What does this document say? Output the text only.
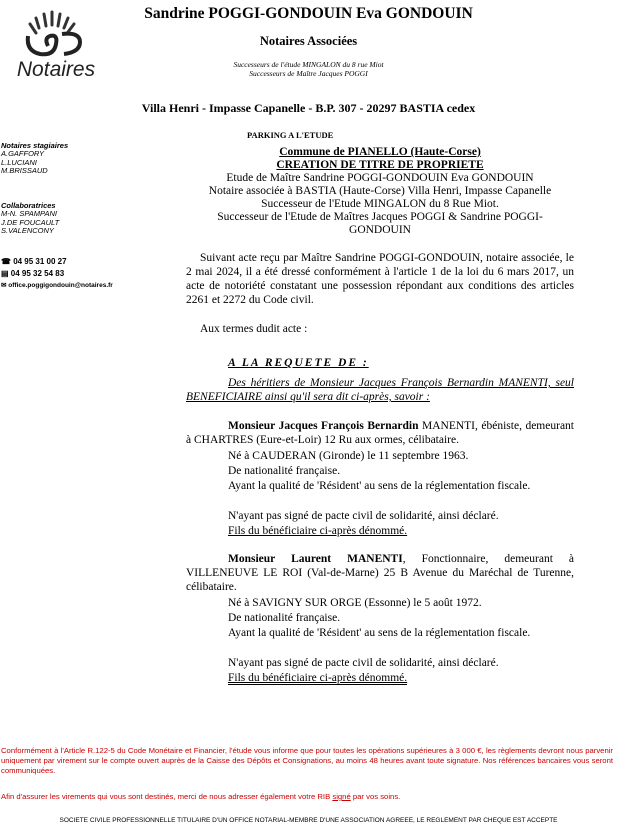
Notaires
Sandrine POGGI-GONDOUIN Eva GONDOUIN
Notaires Associées
Successeurs de l'étude MINGALON du 8 rue Miot
Successeurs de Maître Jacques POGGI
Villa Henri - Impasse Capanelle - B.P. 307 - 20297 BASTIA cedex
Notaires stagiaires
A.GAFFORY
L.LUCIANI
M.BRISSAUD
Collaboratrices
M-N. SPAMPANI
J.DE FOUCAULT
S.VALENCONY
☎ 04 95 31 00 27
▤ 04 95 32 54 83
✉ office.poggigondouin@notaires.fr
PARKING A L'ETUDE
Commune de PIANELLO (Haute-Corse)
CREATION DE TITRE DE PROPRIETE
Etude de Maître Sandrine POGGI-GONDOUIN Eva GONDOUIN
Notaire associée à BASTIA (Haute-Corse) Villa Henri, Impasse Capanelle
Successeur de l'Etude MINGALON du 8 Rue Miot.
Successeur de l'Etude de Maîtres Jacques POGGI & Sandrine POGGI-
GONDOUIN
Suivant acte reçu par Maître Sandrine POGGI-GONDOUIN, notaire associée, le 2 mai 2024, il a été dressé conformément à l'article 1 de la loi du 6 mars 2017, un acte de notoriété constatant une possession répondant aux conditions des articles 2261 et 2272 du Code civil.
Aux termes dudit acte :
A LA REQUETE DE :
Des héritiers de Monsieur Jacques François Bernardin MANENTI, seul BENEFICIAIRE ainsi qu'il sera dit ci-après, savoir :
Monsieur Jacques François Bernardin MANENTI, ébéniste, demeurant à CHARTRES (Eure-et-Loir) 12 Ru aux ormes, célibataire.
Né à CAUDERAN (Gironde) le 11 septembre 1963.
De nationalité française.
Ayant la qualité de 'Résident' au sens de la réglementation fiscale.
N'ayant pas signé de pacte civil de solidarité, ainsi déclaré.
Fils du bénéficiaire ci-après dénommé.
Monsieur Laurent MANENTI, Fonctionnaire, demeurant à VILLENEUVE LE ROI (Val-de-Marne) 25 B Avenue du Maréchal de Turenne, célibataire.
Né à SAVIGNY SUR ORGE (Essonne) le 5 août 1972.
De nationalité française.
Ayant la qualité de 'Résident' au sens de la réglementation fiscale.
N'ayant pas signé de pacte civil de solidarité, ainsi déclaré.
Fils du bénéficiaire ci-après dénommé.
Conformément à l'Article R.122-5 du Code Monétaire et Financier, l'étude vous informe que pour toutes les opérations supérieures à 3 000 €, les règlements devront nous parvenir uniquement par virement sur le compte ouvert auprès de la Caisse des Dépôts et Consignations, au moins 48 heures avant toute signature. Nos références bancaires vous seront communiquées.
Afin d'assurer les virements qui vous sont destinés, merci de nous adresser également votre RIB signé par vos soins.
SOCIETE CIVILE PROFESSIONNELLE TITULAIRE D'UN OFFICE NOTARIAL-MEMBRE D'UNE ASSOCIATION AGREEE, LE REGLEMENT PAR CHEQUE EST ACCEPTE
